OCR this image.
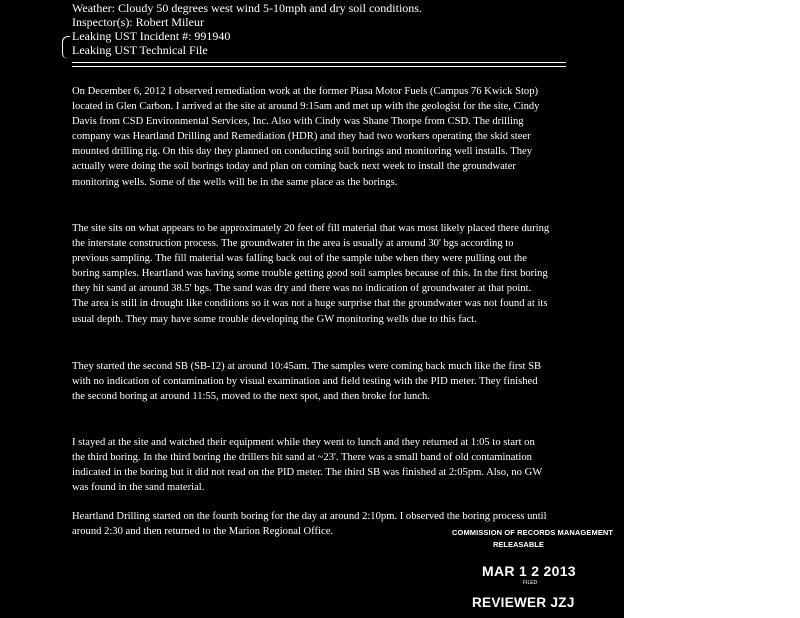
Weather: Cloudy 50 degrees west wind 5-10mph and dry soil conditions.
Inspector(s): Robert Mileur
Leaking UST Incident #: 991940
Leaking UST Technical File

On December 6, 2012 I observed remediation work at the former Piasa Motor Fuels (Campus 76 Kwick Stop) located in Glen Carbon. I arrived at the site at around 9:15am and met up with the geologist for the site, Cindy Davis from CSD Environmental Services, Inc. Also with Cindy was Shane Thorpe from CSD. The drilling company was Heartland Drilling and Remediation (HDR) and they had two workers operating the skid steer mounted drilling rig. On this day they planned on conducting soil borings and monitoring well installs. They actually were doing the soil borings today and plan on coming back next week to install the groundwater monitoring wells. Some of the wells will be in the same place as the borings.

The site sits on what appears to be approximately 20 feet of fill material that was most likely placed there during the interstate construction process. The groundwater in the area is usually at around 30' bgs according to previous sampling. The fill material was falling back out of the sample tube when they were pulling out the boring samples. Heartland was having some trouble getting good soil samples because of this. In the first boring they hit sand at around 38.5' bgs. The sand was dry and there was no indication of groundwater at that point. The area is still in drought like conditions so it was not a huge surprise that the groundwater was not found at its usual depth. They may have some trouble developing the GW monitoring wells due to this fact.

They started the second SB (SB-12) at around 10:45am. The samples were coming back much like the first SB with no indication of contamination by visual examination and field testing with the PID meter. They finished the second boring at around 11:55, moved to the next spot, and then broke for lunch.

I stayed at the site and watched their equipment while they went to lunch and they returned at 1:05 to start on the third boring. In the third boring the drillers hit sand at ~23'. There was a small band of old contamination indicated in the boring but it did not read on the PID meter. The third SB was finished at 2:05pm. Also, no GW was found in the sand material.

Heartland Drilling started on the fourth boring for the day at around 2:10pm. I observed the boring process until around 2:30 and then returned to the Marion Regional Office.	COMMISSION OF RECORDS MANAGEMENT
RELEASABLE
MAR 1 2 2013
FILED
REVIEWER JZJ
